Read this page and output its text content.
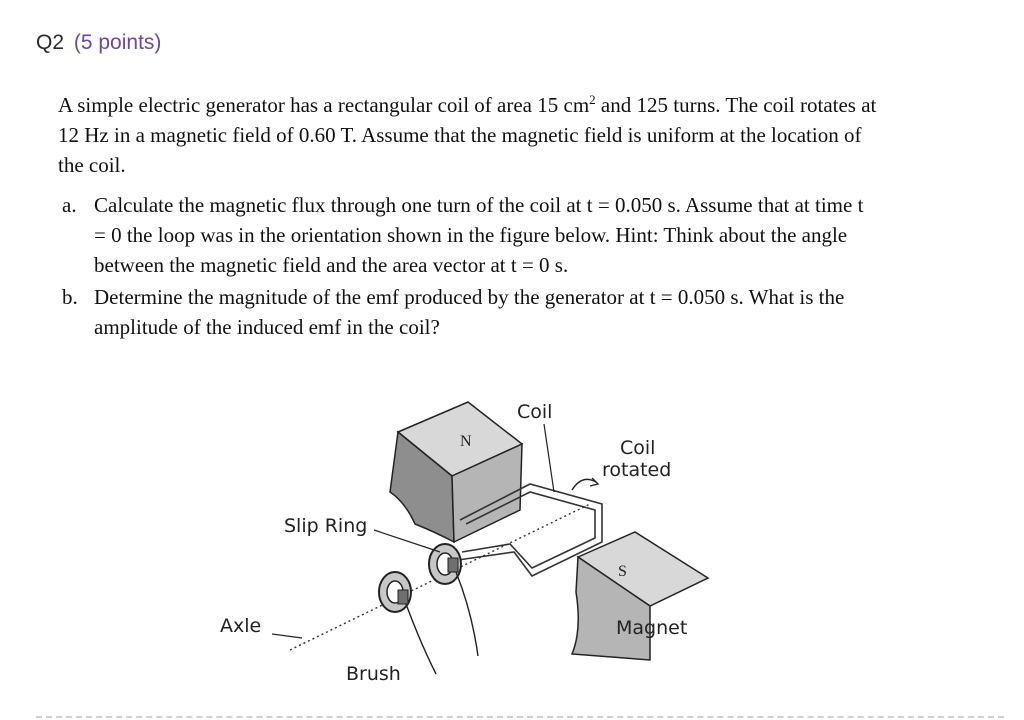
Q2 (5 points)

A simple electric generator has a rectangular coil of area 15 $cm^2$ and 125 turns. The coil rotates at 12 Hz in a magnetic field of 0.60 T. Assume that the magnetic field is uniform at the location of the coil.

a. Calculate the magnetic flux through one turn of the coil at t = 0.050 s. Assume that at time t = 0 the loop was in the orientation shown in the figure below. Hint: Think about the angle between the magnetic field and the area vector at t = 0 s.
b. Determine the magnitude of the emf produced by the generator at t = 0.050 s. What is the amplitude of the induced emf in the coil?
N
S
Coil
Coil
rotated
Slip Ring
Axle
Brush
Magnet
